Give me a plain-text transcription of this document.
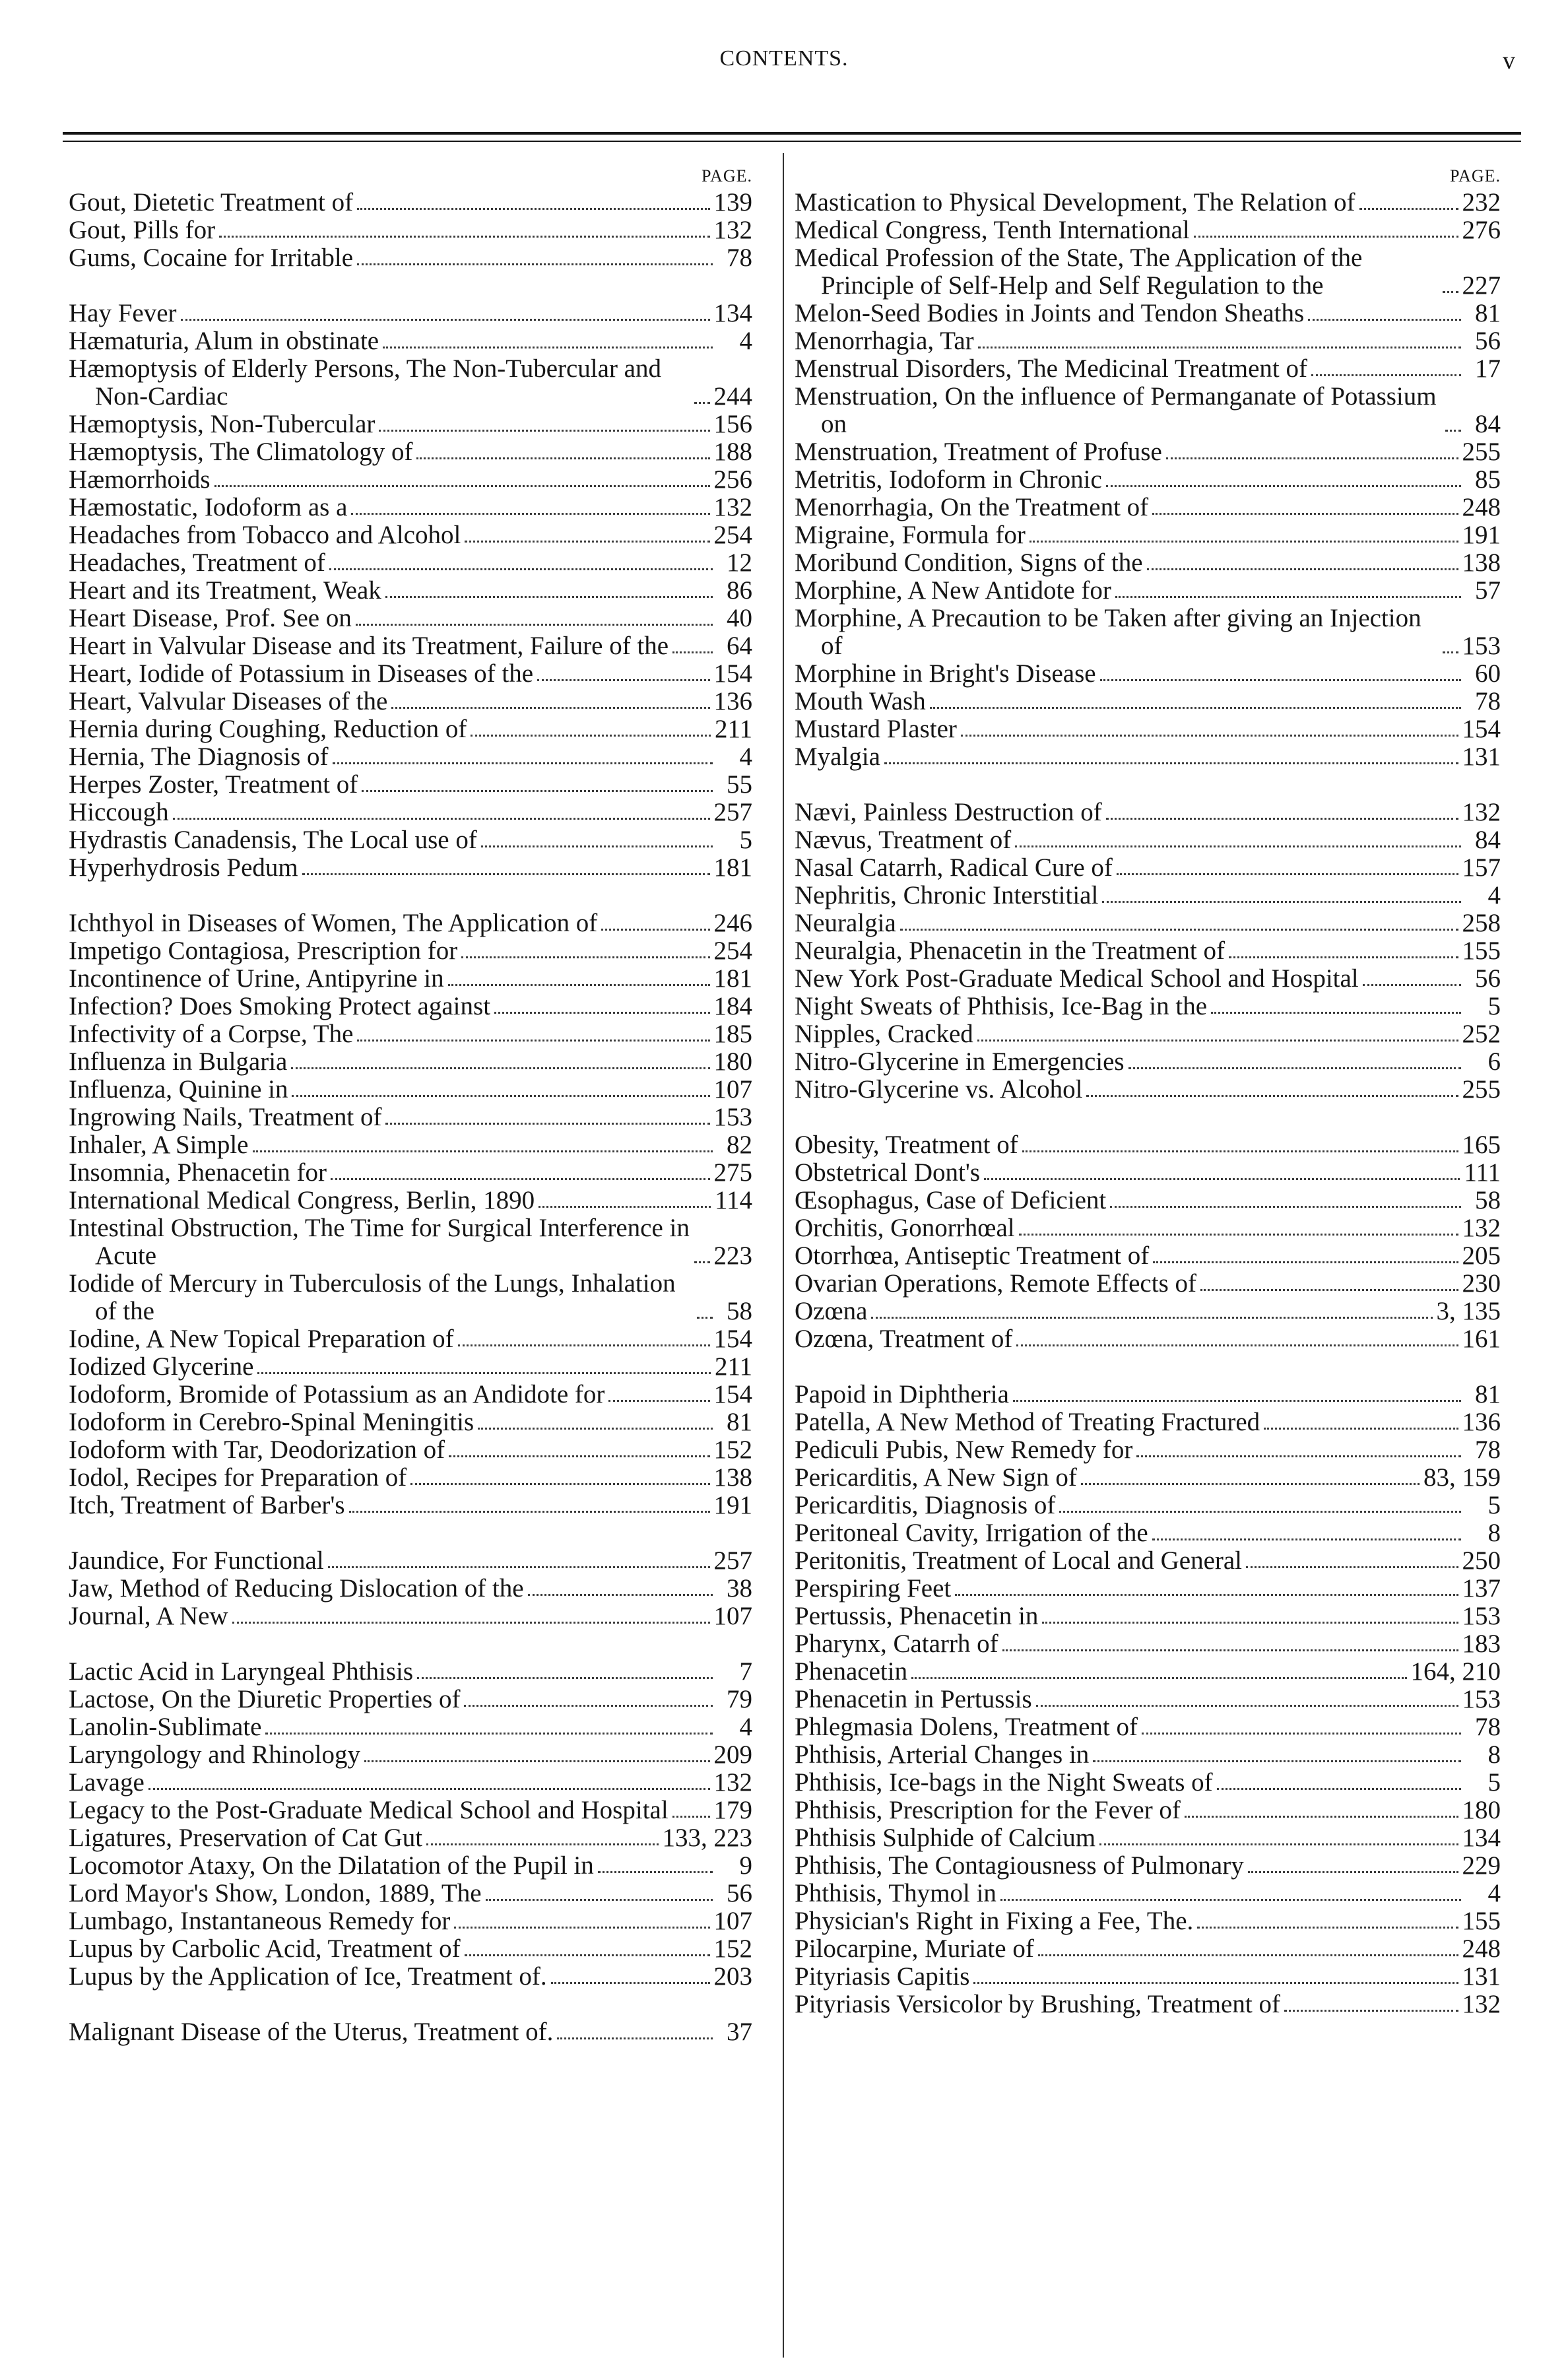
CONTENTS.	v
PAGE.
Gout, Dietetic Treatment of	139
Gout, Pills for	132
Gums, Cocaine for Irritable	78
Hay Fever	134
Hæmaturia, Alum in obstinate	4
Hæmoptysis of Elderly Persons, The Non-Tubercular and Non-Cardiac	244
Hæmoptysis, Non-Tubercular	156
Hæmoptysis, The Climatology of	188
Hæmorrhoids	256
Hæmostatic, Iodoform as a	132
Headaches from Tobacco and Alcohol	254
Headaches, Treatment of	12
Heart and its Treatment, Weak	86
Heart Disease, Prof. See on	40
Heart in Valvular Disease and its Treatment, Failure of the	64
Heart, Iodide of Potassium in Diseases of the	154
Heart, Valvular Diseases of the	136
Hernia during Coughing, Reduction of	211
Hernia, The Diagnosis of	4
Herpes Zoster, Treatment of	55
Hiccough	257
Hydrastis Canadensis, The Local use of	5
Hyperhydrosis Pedum	181
Ichthyol in Diseases of Women, The Application of	246
Impetigo Contagiosa, Prescription for	254
Incontinence of Urine, Antipyrine in	181
Infection? Does Smoking Protect against	184
Infectivity of a Corpse, The	185
Influenza in Bulgaria	180
Influenza, Quinine in	107
Ingrowing Nails, Treatment of	153
Inhaler, A Simple	82
Insomnia, Phenacetin for	275
International Medical Congress, Berlin, 1890	114
Intestinal Obstruction, The Time for Surgical Interference in Acute	223
Iodide of Mercury in Tuberculosis of the Lungs, Inhalation of the	58
Iodine, A New Topical Preparation of	154
Iodized Glycerine	211
Iodoform, Bromide of Potassium as an Andidote for	154
Iodoform in Cerebro-Spinal Meningitis	81
Iodoform with Tar, Deodorization of	152
Iodol, Recipes for Preparation of	138
Itch, Treatment of Barber's	191
Jaundice, For Functional	257
Jaw, Method of Reducing Dislocation of the	38
Journal, A New	107
Lactic Acid in Laryngeal Phthisis	7
Lactose, On the Diuretic Properties of	79
Lanolin-Sublimate	4
Laryngology and Rhinology	209
Lavage	132
Legacy to the Post-Graduate Medical School and Hospital 179
Ligatures, Preservation of Cat Gut	133, 223
Locomotor Ataxy, On the Dilatation of the Pupil in	9
Lord Mayor's Show, London, 1889, The	56
Lumbago, Instantaneous Remedy for	107
Lupus by Carbolic Acid, Treatment of	152
Lupus by the Application of Ice, Treatment of.	203
Malignant Disease of the Uterus, Treatment of.	37
PAGE.
Mastication to Physical Development, The Relation of	232
Medical Congress, Tenth International	276
Medical Profession of the State, The Application of the Principle of Self-Help and Self Regulation to the	227
Melon-Seed Bodies in Joints and Tendon Sheaths	81
Menorrhagia, Tar	56
Menstrual Disorders, The Medicinal Treatment of	17
Menstruation, On the influence of Permanganate of Potassium on	84
Menstruation, Treatment of Profuse	255
Metritis, Iodoform in Chronic	85
Menorrhagia, On the Treatment of	248
Migraine, Formula for	191
Moribund Condition, Signs of the	138
Morphine, A New Antidote for	57
Morphine, A Precaution to be Taken after giving an Injection of	153
Morphine in Bright's Disease	60
Mouth Wash	78
Mustard Plaster	154
Myalgia	131
Nævi, Painless Destruction of	132
Nævus, Treatment of	84
Nasal Catarrh, Radical Cure of	157
Nephritis, Chronic Interstitial	4
Neuralgia	258
Neuralgia, Phenacetin in the Treatment of	155
New York Post-Graduate Medical School and Hospital	56
Night Sweats of Phthisis, Ice-Bag in the	5
Nipples, Cracked	252
Nitro-Glycerine in Emergencies	6
Nitro-Glycerine vs. Alcohol	255
Obesity, Treatment of	165
Obstetrical Dont's	111
Œsophagus, Case of Deficient	58
Orchitis, Gonorrhœal	132
Otorrhœa, Antiseptic Treatment of	205
Ovarian Operations, Remote Effects of	230
Ozœna	3, 135
Ozœna, Treatment of	161
Papoid in Diphtheria	81
Patella, A New Method of Treating Fractured	136
Pediculi Pubis, New Remedy for	78
Pericarditis, A New Sign of	83, 159
Pericarditis, Diagnosis of	5
Peritoneal Cavity, Irrigation of the	8
Peritonitis, Treatment of Local and General	250
Perspiring Feet	137
Pertussis, Phenacetin in	153
Pharynx, Catarrh of	183
Phenacetin	164, 210
Phenacetin in Pertussis	153
Phlegmasia Dolens, Treatment of	78
Phthisis, Arterial Changes in	8
Phthisis, Ice-bags in the Night Sweats of	5
Phthisis, Prescription for the Fever of	180
Phthisis Sulphide of Calcium	134
Phthisis, The Contagiousness of Pulmonary	229
Phthisis, Thymol in	4
Physician's Right in Fixing a Fee, The.	155
Pilocarpine, Muriate of	248
Pityriasis Capitis	131
Pityriasis Versicolor by Brushing, Treatment of	132
